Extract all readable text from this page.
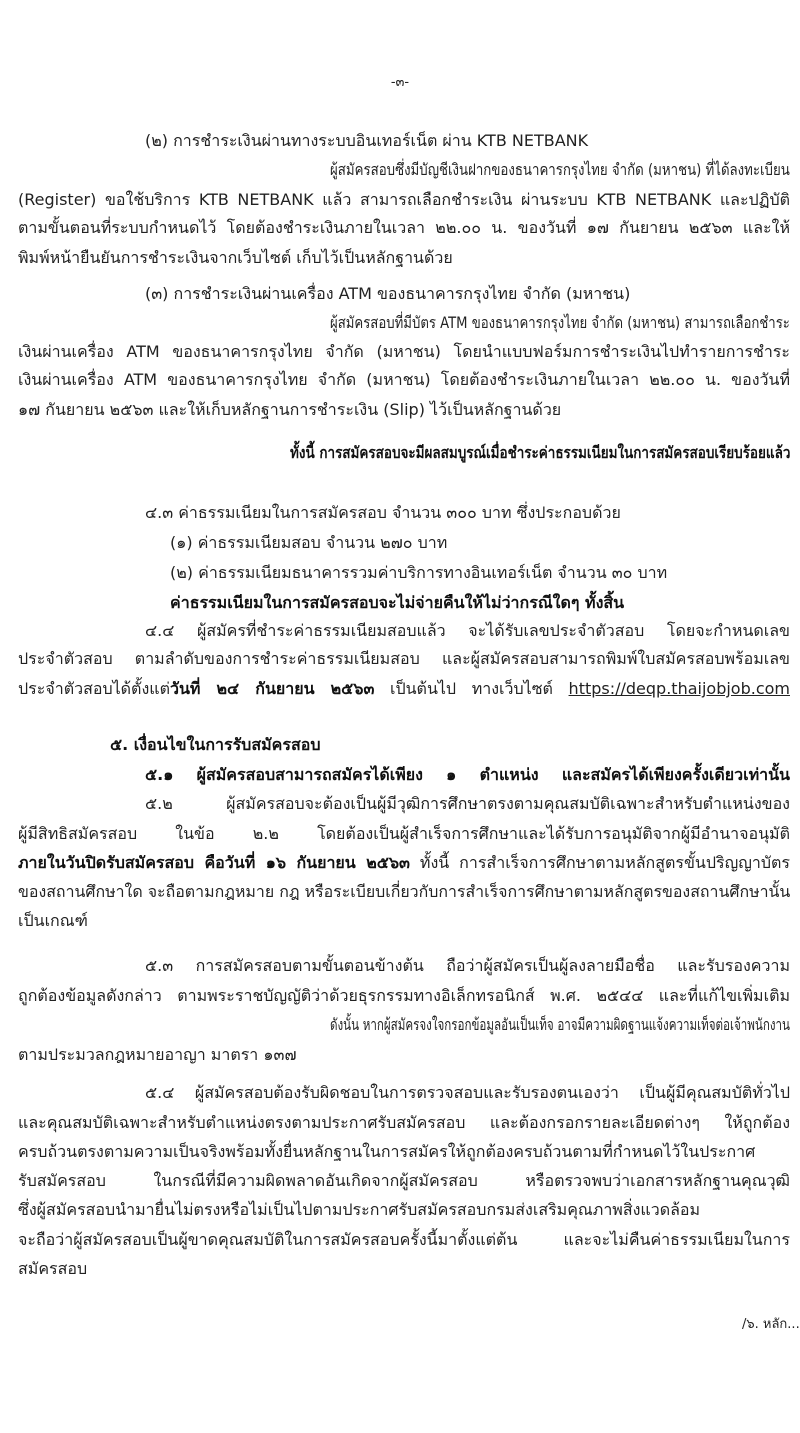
-๓-
(๒) การชำระเงินผ่านทางระบบอินเทอร์เน็ต ผ่าน KTB NETBANK
ผู้สมัครสอบซึ่งมีบัญชีเงินฝากของธนาคารกรุงไทย จำกัด (มหาชน) ที่ได้ลงทะเบียน
(Register) ขอใช้บริการ KTB NETBANK แล้ว สามารถเลือกชำระเงิน ผ่านระบบ KTB NETBANK และปฏิบัติ
ตามขั้นตอนที่ระบบกำหนดไว้ โดยต้องชำระเงินภายในเวลา ๒๒.๐๐ น. ของวันที่ ๑๗ กันยายน ๒๕๖๓ และให้
พิมพ์หน้ายืนยันการชำระเงินจากเว็บไซต์ เก็บไว้เป็นหลักฐานด้วย
(๓) การชำระเงินผ่านเครื่อง ATM ของธนาคารกรุงไทย จำกัด (มหาชน)
ผู้สมัครสอบที่มีบัตร ATM ของธนาคารกรุงไทย จำกัด (มหาชน) สามารถเลือกชำระ
เงินผ่านเครื่อง ATM ของธนาคารกรุงไทย จำกัด (มหาชน) โดยนำแบบฟอร์มการชำระเงินไปทำรายการชำระ
เงินผ่านเครื่อง ATM ของธนาคารกรุงไทย จำกัด (มหาชน) โดยต้องชำระเงินภายในเวลา ๒๒.๐๐ น. ของวันที่
๑๗ กันยายน ๒๕๖๓ และให้เก็บหลักฐานการชำระเงิน (Slip) ไว้เป็นหลักฐานด้วย
ทั้งนี้ การสมัครสอบจะมีผลสมบูรณ์เมื่อชำระค่าธรรมเนียมในการสมัครสอบเรียบร้อยแล้ว
๔.๓ ค่าธรรมเนียมในการสมัครสอบ จำนวน ๓๐๐ บาท ซึ่งประกอบด้วย
(๑) ค่าธรรมเนียมสอบ จำนวน ๒๗๐ บาท
(๒) ค่าธรรมเนียมธนาคารรวมค่าบริการทางอินเทอร์เน็ต จำนวน ๓๐ บาท
ค่าธรรมเนียมในการสมัครสอบจะไม่จ่ายคืนให้ไม่ว่ากรณีใดๆ ทั้งสิ้น
๔.๔ ผู้สมัครที่ชำระค่าธรรมเนียมสอบแล้ว จะได้รับเลขประจำตัวสอบ โดยจะกำหนดเลข
ประจำตัวสอบ ตามลำดับของการชำระค่าธรรมเนียมสอบ และผู้สมัครสอบสามารถพิมพ์ใบสมัครสอบพร้อมเลข
ประจำตัวสอบได้ตั้งแต่วันที่ ๒๔ กันยายน ๒๕๖๓ เป็นต้นไป ทางเว็บไซต์ https://deqp.thaijobjob.com
๕. เงื่อนไขในการรับสมัครสอบ
๕.๑ ผู้สมัครสอบสามารถสมัครได้เพียง ๑ ตำแหน่ง และสมัครได้เพียงครั้งเดียวเท่านั้น
๕.๒ ผู้สมัครสอบจะต้องเป็นผู้มีวุฒิการศึกษาตรงตามคุณสมบัติเฉพาะสำหรับตำแหน่งของ
ผู้มีสิทธิสมัครสอบ ในข้อ ๒.๒ โดยต้องเป็นผู้สำเร็จการศึกษาและได้รับการอนุมัติจากผู้มีอำนาจอนุมัติ
ภายในวันปิดรับสมัครสอบ คือวันที่ ๑๖ กันยายน ๒๕๖๓ ทั้งนี้ การสำเร็จการศึกษาตามหลักสูตรขั้นปริญญาบัตร
ของสถานศึกษาใด จะถือตามกฎหมาย กฎ หรือระเบียบเกี่ยวกับการสำเร็จการศึกษาตามหลักสูตรของสถานศึกษานั้น
เป็นเกณฑ์
๕.๓ การสมัครสอบตามขั้นตอนข้างต้น ถือว่าผู้สมัครเป็นผู้ลงลายมือชื่อ และรับรองความ
ถูกต้องข้อมูลดังกล่าว ตามพระราชบัญญัติว่าด้วยธุรกรรมทางอิเล็กทรอนิกส์ พ.ศ. ๒๕๔๔ และที่แก้ไขเพิ่มเติม
ดังนั้น หากผู้สมัครจงใจกรอกข้อมูลอันเป็นเท็จ อาจมีความผิดฐานแจ้งความเท็จต่อเจ้าพนักงาน
ตามประมวลกฎหมายอาญา มาตรา ๑๓๗
๕.๔ ผู้สมัครสอบต้องรับผิดชอบในการตรวจสอบและรับรองตนเองว่า เป็นผู้มีคุณสมบัติทั่วไป
และคุณสมบัติเฉพาะสำหรับตำแหน่งตรงตามประกาศรับสมัครสอบ และต้องกรอกรายละเอียดต่างๆ ให้ถูกต้อง
ครบถ้วนตรงตามความเป็นจริงพร้อมทั้งยื่นหลักฐานในการสมัครให้ถูกต้องครบถ้วนตามที่กำหนดไว้ในประกาศ
รับสมัครสอบ ในกรณีที่มีความผิดพลาดอันเกิดจากผู้สมัครสอบ หรือตรวจพบว่าเอกสารหลักฐานคุณวุฒิ
ซึ่งผู้สมัครสอบนำมายื่นไม่ตรงหรือไม่เป็นไปตามประกาศรับสมัครสอบกรมส่งเสริมคุณภาพสิ่งแวดล้อม
จะถือว่าผู้สมัครสอบเป็นผู้ขาดคุณสมบัติในการสมัครสอบครั้งนี้มาตั้งแต่ต้น และจะไม่คืนค่าธรรมเนียมในการ
สมัครสอบ
/๖. หลัก...
